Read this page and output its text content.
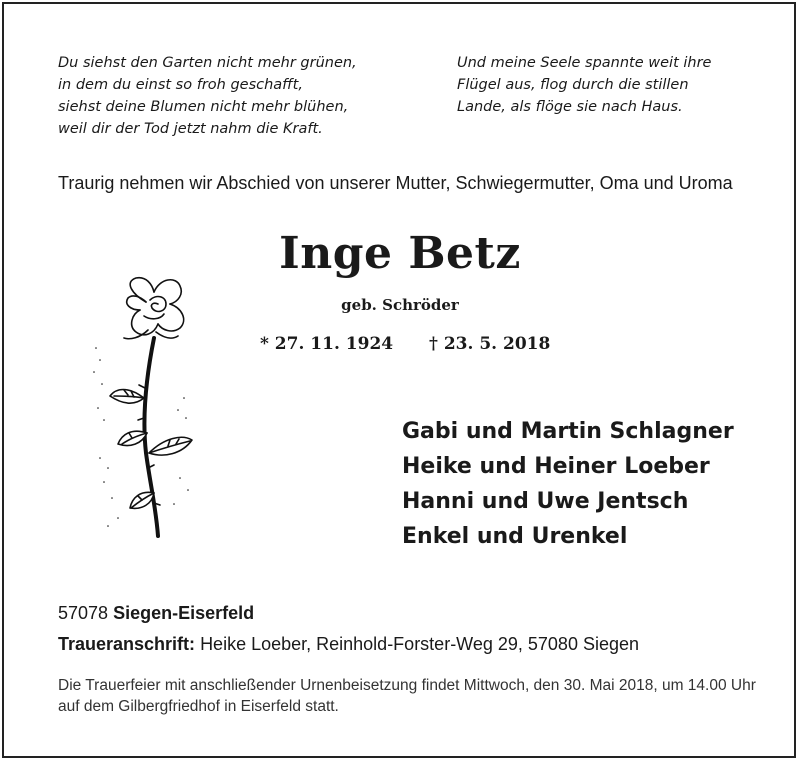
Du siehst den Garten nicht mehr grünen,
in dem du einst so froh geschafft,
siehst deine Blumen nicht mehr blühen,
weil dir der Tod jetzt nahm die Kraft.
Und meine Seele spannte weit ihre
Flügel aus, flog durch die stillen
Lande, als flöge sie nach Haus.
Traurig nehmen wir Abschied von unserer Mutter, Schwiegermutter, Oma und Uroma
Inge Betz
geb. Schröder
* 27. 11. 1924 † 23. 5. 2018
Gabi und Martin Schlagner
Heike und Heiner Loeber
Hanni und Uwe Jentsch
Enkel und Urenkel
57078 Siegen-Eiserfeld
Traueranschrift: Heike Loeber, Reinhold-Forster-Weg 29, 57080 Siegen
Die Trauerfeier mit anschließender Urnenbeisetzung findet Mittwoch, den 30. Mai 2018, um 14.00 Uhr auf dem Gilbergfriedhof in Eiserfeld statt.
